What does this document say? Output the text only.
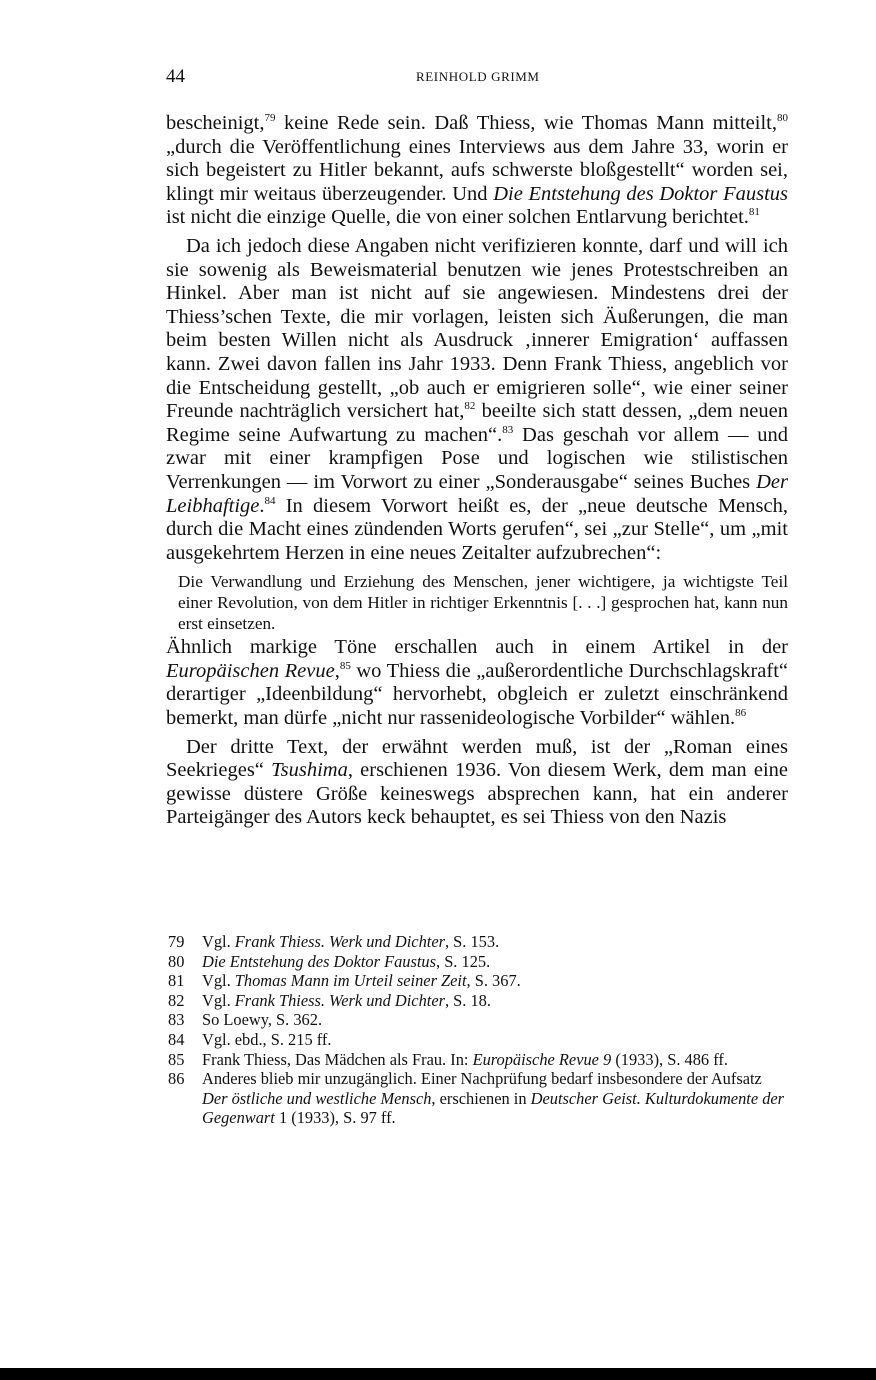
44	REINHOLD GRIMM

bescheinigt,$^{79}$ keine Rede sein. Daß Thiess, wie Thomas Mann mitteilt,$^{80}$ „durch die Veröffentlichung eines Interviews aus dem Jahre 33, worin er sich begeistert zu Hitler bekannt, aufs schwerste bloßgestellt“ worden sei, klingt mir weitaus überzeugender. Und Die Entstehung des Doktor Faustus ist nicht die einzige Quelle, die von einer solchen Entlarvung berichtet.$^{81}$

Da ich jedoch diese Angaben nicht verifizieren konnte, darf und will ich sie sowenig als Beweismaterial benutzen wie jenes Protestschreiben an Hinkel. Aber man ist nicht auf sie angewiesen. Mindestens drei der Thiess’schen Texte, die mir vorlagen, leisten sich Äußerungen, die man beim besten Willen nicht als Ausdruck ‚innerer Emigration‘ auffassen kann. Zwei davon fallen ins Jahr 1933. Denn Frank Thiess, angeblich vor die Entscheidung gestellt, „ob auch er emigrieren solle“, wie einer seiner Freunde nachträglich versichert hat,$^{82}$ beeilte sich statt dessen, „dem neuen Regime seine Aufwartung zu machen“.$^{83}$ Das geschah vor allem — und zwar mit einer krampfigen Pose und logischen wie stilistischen Verrenkungen — im Vorwort zu einer „Sonderausgabe“ seines Buches Der Leibhaftige.$^{84}$ In diesem Vorwort heißt es, der „neue deutsche Mensch, durch die Macht eines zündenden Worts gerufen“, sei „zur Stelle“, um „mit ausgekehrtem Herzen in eine neues Zeitalter aufzubrechen“:

Die Verwandlung und Erziehung des Menschen, jener wichtigere, ja wichtigste Teil einer Revolution, von dem Hitler in richtiger Erkenntnis [. . .] gesprochen hat, kann nun erst einsetzen.

Ähnlich markige Töne erschallen auch in einem Artikel in der Europäischen Revue,$^{85}$ wo Thiess die „außerordentliche Durchschlagskraft“ derartiger „Ideenbildung“ hervorhebt, obgleich er zuletzt einschränkend bemerkt, man dürfe „nicht nur rassenideologische Vorbilder“ wählen.$^{86}$

Der dritte Text, der erwähnt werden muß, ist der „Roman eines Seekrieges“ Tsushima, erschienen 1936. Von diesem Werk, dem man eine gewisse düstere Größe keineswegs absprechen kann, hat ein anderer Parteigänger des Autors keck behauptet, es sei Thiess von den Nazis

79	Vgl. Frank Thiess. Werk und Dichter, S. 153.
80	Die Entstehung des Doktor Faustus, S. 125.
81	Vgl. Thomas Mann im Urteil seiner Zeit, S. 367.
82	Vgl. Frank Thiess. Werk und Dichter, S. 18.
83	So Loewy, S. 362.
84	Vgl. ebd., S. 215 ff.
85	Frank Thiess, Das Mädchen als Frau. In: Europäische Revue 9 (1933), S. 486 ff.
86	Anderes blieb mir unzugänglich. Einer Nachprüfung bedarf insbesondere der Aufsatz Der östliche und westliche Mensch, erschienen in Deutscher Geist. Kulturdokumente der Gegenwart 1 (1933), S. 97 ff.
